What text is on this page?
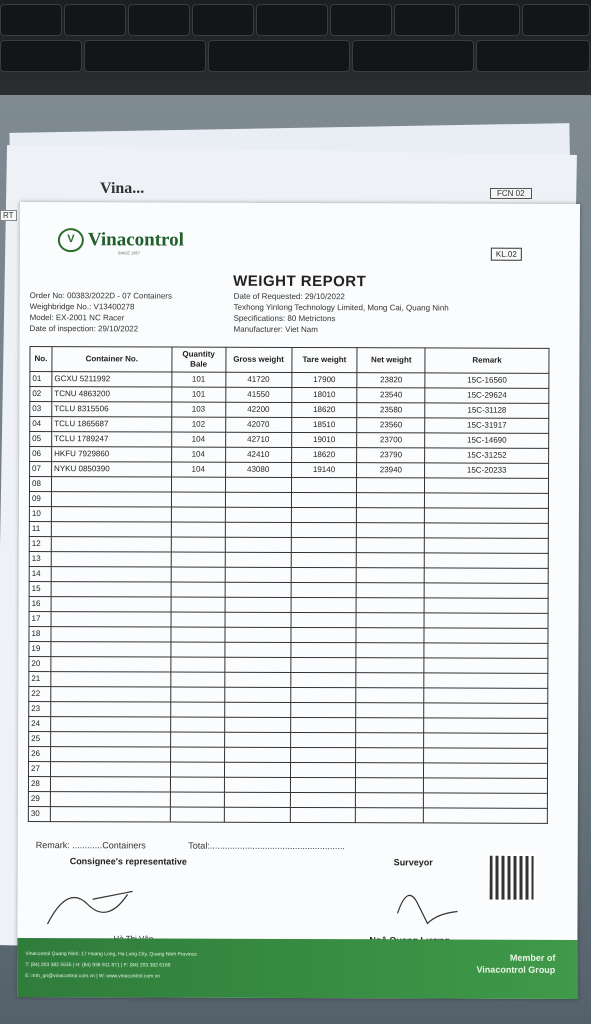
Vina...	FCN 02
RT
V Vinacontrol
SINCE 1957	KL.02
WEIGHT REPORT
Order No: 00383/2022D - 07 Containers
Weighbridge No.: V13400278
Model: EX-2001 NC Racer
Date of inspection: 29/10/2022
Date of Requested: 29/10/2022
Texhong Yinlong Technology Limited, Mong Cai, Quang Ninh
Specifications: 80 Metrictons
Manufacturer: Viet Nam
No.	Container No.	Quantity Bale	Gross weight	Tare weight	Net weight	Remark
01	GCXU 5211992	101	41720	17900	23820	15C-16560
02	TCNU 4863200	101	41550	18010	23540	15C-29624
03	TCLU 8315506	103	42200	18620	23580	15C-31128
04	TCLU 1865687	102	42070	18510	23560	15C-31917
05	TCLU 1789247	104	42710	19010	23700	15C-14690
06	HKFU 7929860	104	42410	18620	23790	15C-31252
07	NYKU 0850390	104	43080	19140	23940	15C-20233
08						
09						
10						
11						
12						
13						
14						
15						
16						
17						
18						
19						
20						
21						
22						
23						
24						
25						
26						
27						
28						
29						
30						
Remark: ............Containers	Total:......................................................
Consignee's representative	Surveyor
Vinacontrol Quang Ninh: 17 Hoang Long, Ha Long City, Quang Ninh Province
T: (84) 203 382 5535 | H: (84) 936 911 871 | F: (84) 203 382 6169
E: nnh_qn@vinacontrol.com.vn | W: www.vinacontrol.com.vn
Member of
Vinacontrol Group
